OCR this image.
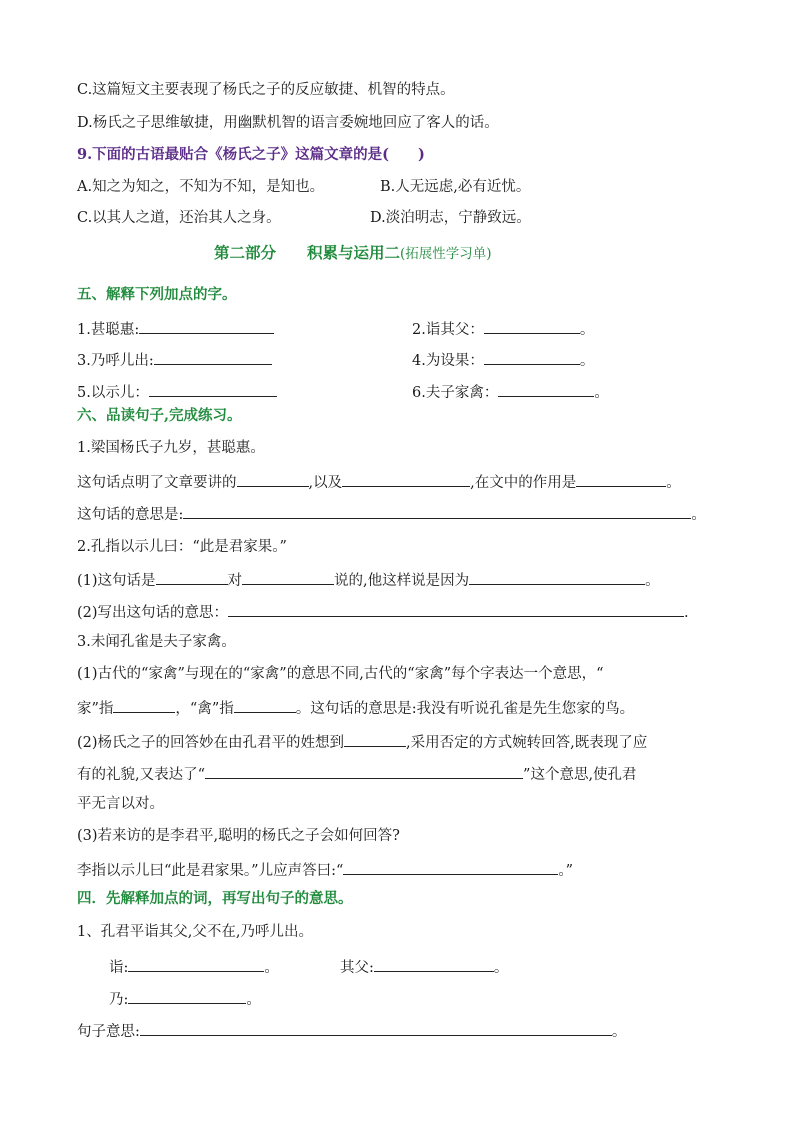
C.这篇短文主要表现了杨氏之子的反应敏捷、机智的特点。
D.杨氏之子思维敏捷，用幽默机智的语言委婉地回应了客人的话。
9.下面的古语最贴合《杨氏之子》这篇文章的是(　　)
A.知之为知之，不知为不知，是知也。	B.人无远虑,必有近忧。
C.以其人之道，还治其人之身。	D.淡泊明志，宁静致远。
第二部分　　积累与运用二(拓展性学习单)
五、解释下列加点的字。
1.甚聪惠:	2.诣其父：	。
3.乃呼儿出:	4.为设果：	。
5.以示儿：	6.夫子家禽：	。
六、品读句子,完成练习。
1.梁国杨氏子九岁，甚聪惠。
这句话点明了文章要讲的	,以及	,在文中的作用是	。
这句话的意思是:	。
2.孔指以示儿曰：“此是君家果。”
(1)这句话是	对	说的,他这样说是因为	。
(2)写出这句话的意思：	.
3.未闻孔雀是夫子家禽。
(1)古代的“家禽”与现在的“家禽”的意思不同,古代的“家禽”每个字表达一个意思，“
家”指	，“禽”指	。这句话的意思是:我没有听说孔雀是先生您家的鸟。
(2)杨氏之子的回答妙在由孔君平的姓想到	,采用否定的方式婉转回答,既表现了应
有的礼貌,又表达了“	”这个意思,使孔君
平无言以对。
(3)若来访的是李君平,聪明的杨氏之子会如何回答?
李指以示儿曰“此是君家果。”儿应声答曰:“	。”
四．先解释加点的词，再写出句子的意思。
1、孔君平诣其父,父不在,乃呼儿出。
诣:	。	其父:	。
乃:	。
句子意思:	。
